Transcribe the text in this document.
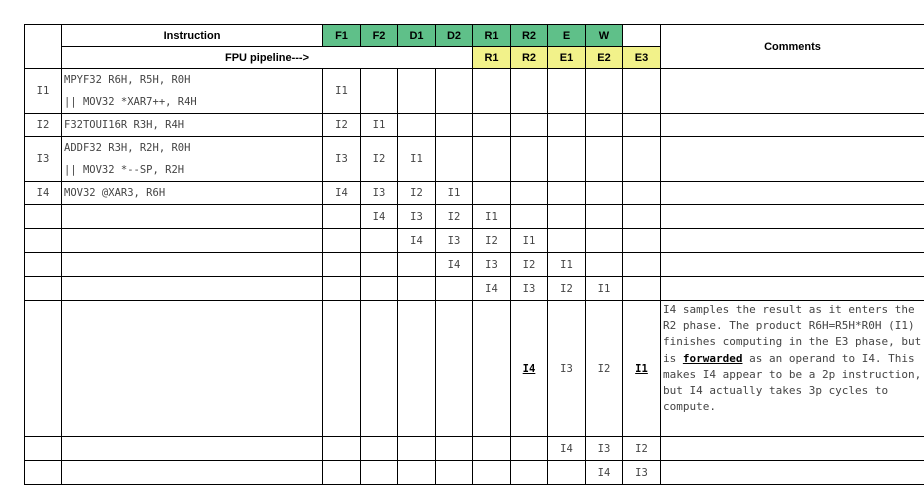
	Instruction	F1	F2	D1	D2	R1	R2	E	W		Comments
	FPU pipeline--->					R1	R2	E1	E2	E3	
I1	MPYF32 R6H, R5H, R0H
|| MOV32 *XAR7++, R4H	I1									
I2	F32TOUI16R R3H, R4H	I2	I1								
I3	ADDF32 R3H, R2H, R0H
|| MOV32 *--SP, R2H	I3	I2	I1							
I4	MOV32 @XAR3, R6H	I4	I3	I2	I1						

		I4	I3	I2	I1					

			I4	I3	I2	I1				

				I4	I3	I2	I1			

					I4	I3	I2	I1		

						I4	I3	I2	I1	I4 samples the result as it enters the R2 phase. The product R6H=R5H*R0H (I1) finishes computing in the E3 phase, but is forwarded as an operand to I4. This makes I4 appear to be a 2p instruction, but I4 actually takes 3p cycles to compute.

							I4	I3	I2	

								I4	I3	
